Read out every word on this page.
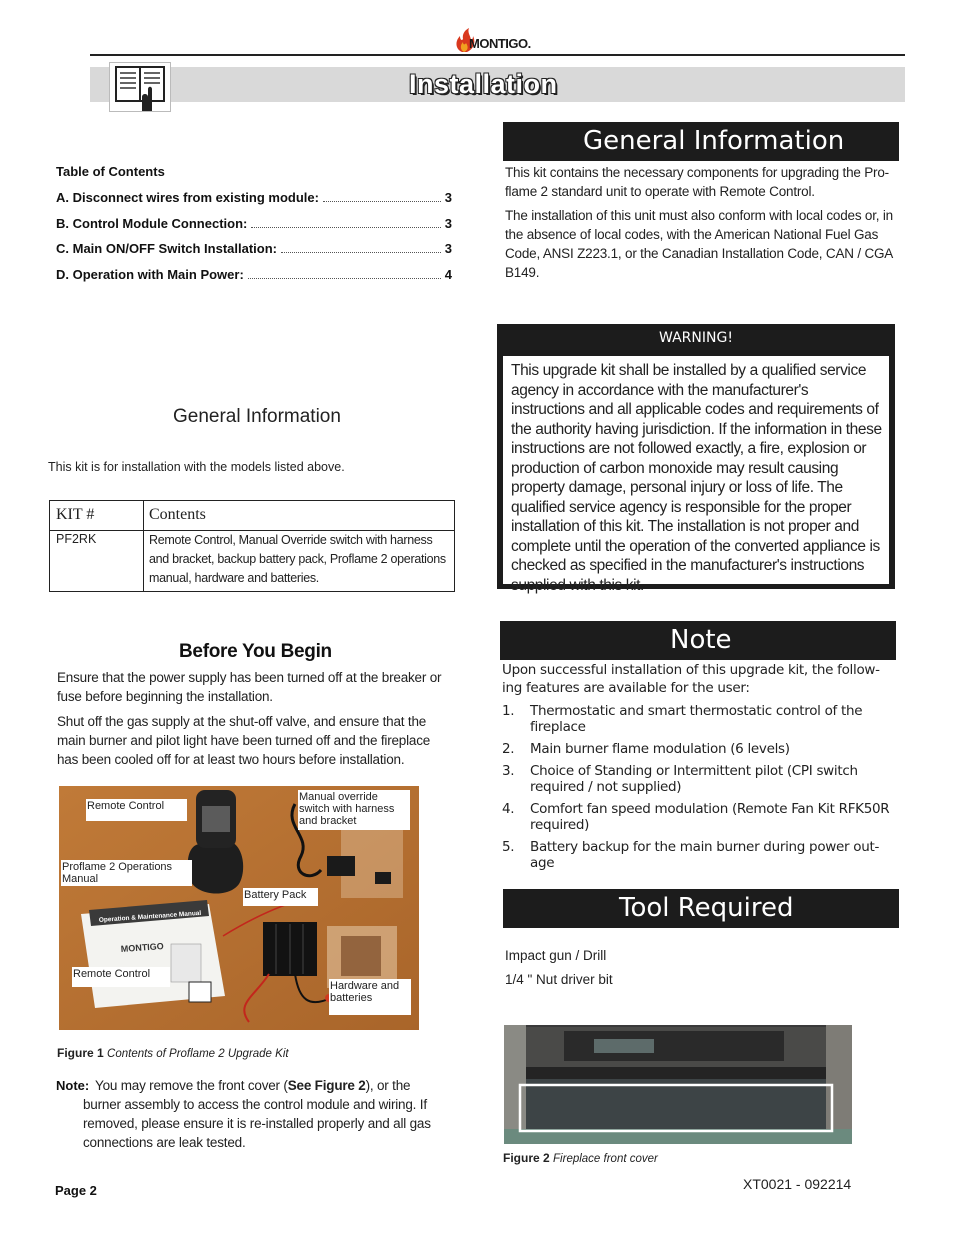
MONTIGO.
Installation
Table of Contents
A. Disconnect wires from existing module:	3
B. Control Module Connection:	3
C. Main ON/OFF Switch Installation:	3
D. Operation with Main Power:	4
General Information
This kit is for installation with the models listed above.
KIT #	Contents
PF2RK	Remote Control, Manual Override switch with harness and bracket, backup battery pack, Proflame 2 operations manual, hardware and batteries.
Before You Begin
Ensure that the power supply has been turned off at the breaker or fuse before beginning the installation.
Shut off the gas supply at the shut-off valve, and ensure that the main burner and pilot light have been turned off and the fireplace has been cooled off for at least two hours before installation.
Operation & Maintenance Manual
MONTIGO
Remote Control
Manual override switch with harness and bracket
Proflame 2 Operations Manual
Battery Pack
Remote Control
Hardware and batteries
Figure 1 Contents of Proflame 2 Upgrade Kit
Note: You may remove the front cover (See Figure 2), or the burner assembly to access the control module and wiring. If removed, please ensure it is re-installed properly and all gas connections are leak tested.
Page 2
General Information
This kit contains the necessary components for upgrading the Pro-flame 2 standard unit to operate with Remote Control.
The installation of this unit must also conform with local codes or, in the absence of local codes, with the American National Fuel Gas Code, ANSI Z223.1, or the Canadian Installation Code, CAN / CGA B149.
WARNING!
This upgrade kit shall be installed by a qualified service agency in accordance with the manufacturer's instructions and all applicable codes and requirements of the authority having jurisdiction. If the information in these instructions are not followed exactly, a fire, explosion or production of carbon monoxide may result causing property damage, personal injury or loss of life. The qualified service agency is responsible for the proper installation of this kit. The installation is not proper and complete until the operation of the converted appliance is checked as specified in the manufacturer's instructions supplied with this kit.
Note
Upon successful installation of this upgrade kit, the follow-ing features are available for the user:
1. Thermostatic and smart thermostatic control of the fireplace
2. Main burner flame modulation (6 levels)
3. Choice of Standing or Intermittent pilot (CPI switch required / not supplied)
4. Comfort fan speed modulation (Remote Fan Kit RFK50R required)
5. Battery backup for the main burner during power out-age
Tool Required
Impact gun / Drill
1/4 " Nut driver bit
Figure 2 Fireplace front cover
XT0021 - 092214
